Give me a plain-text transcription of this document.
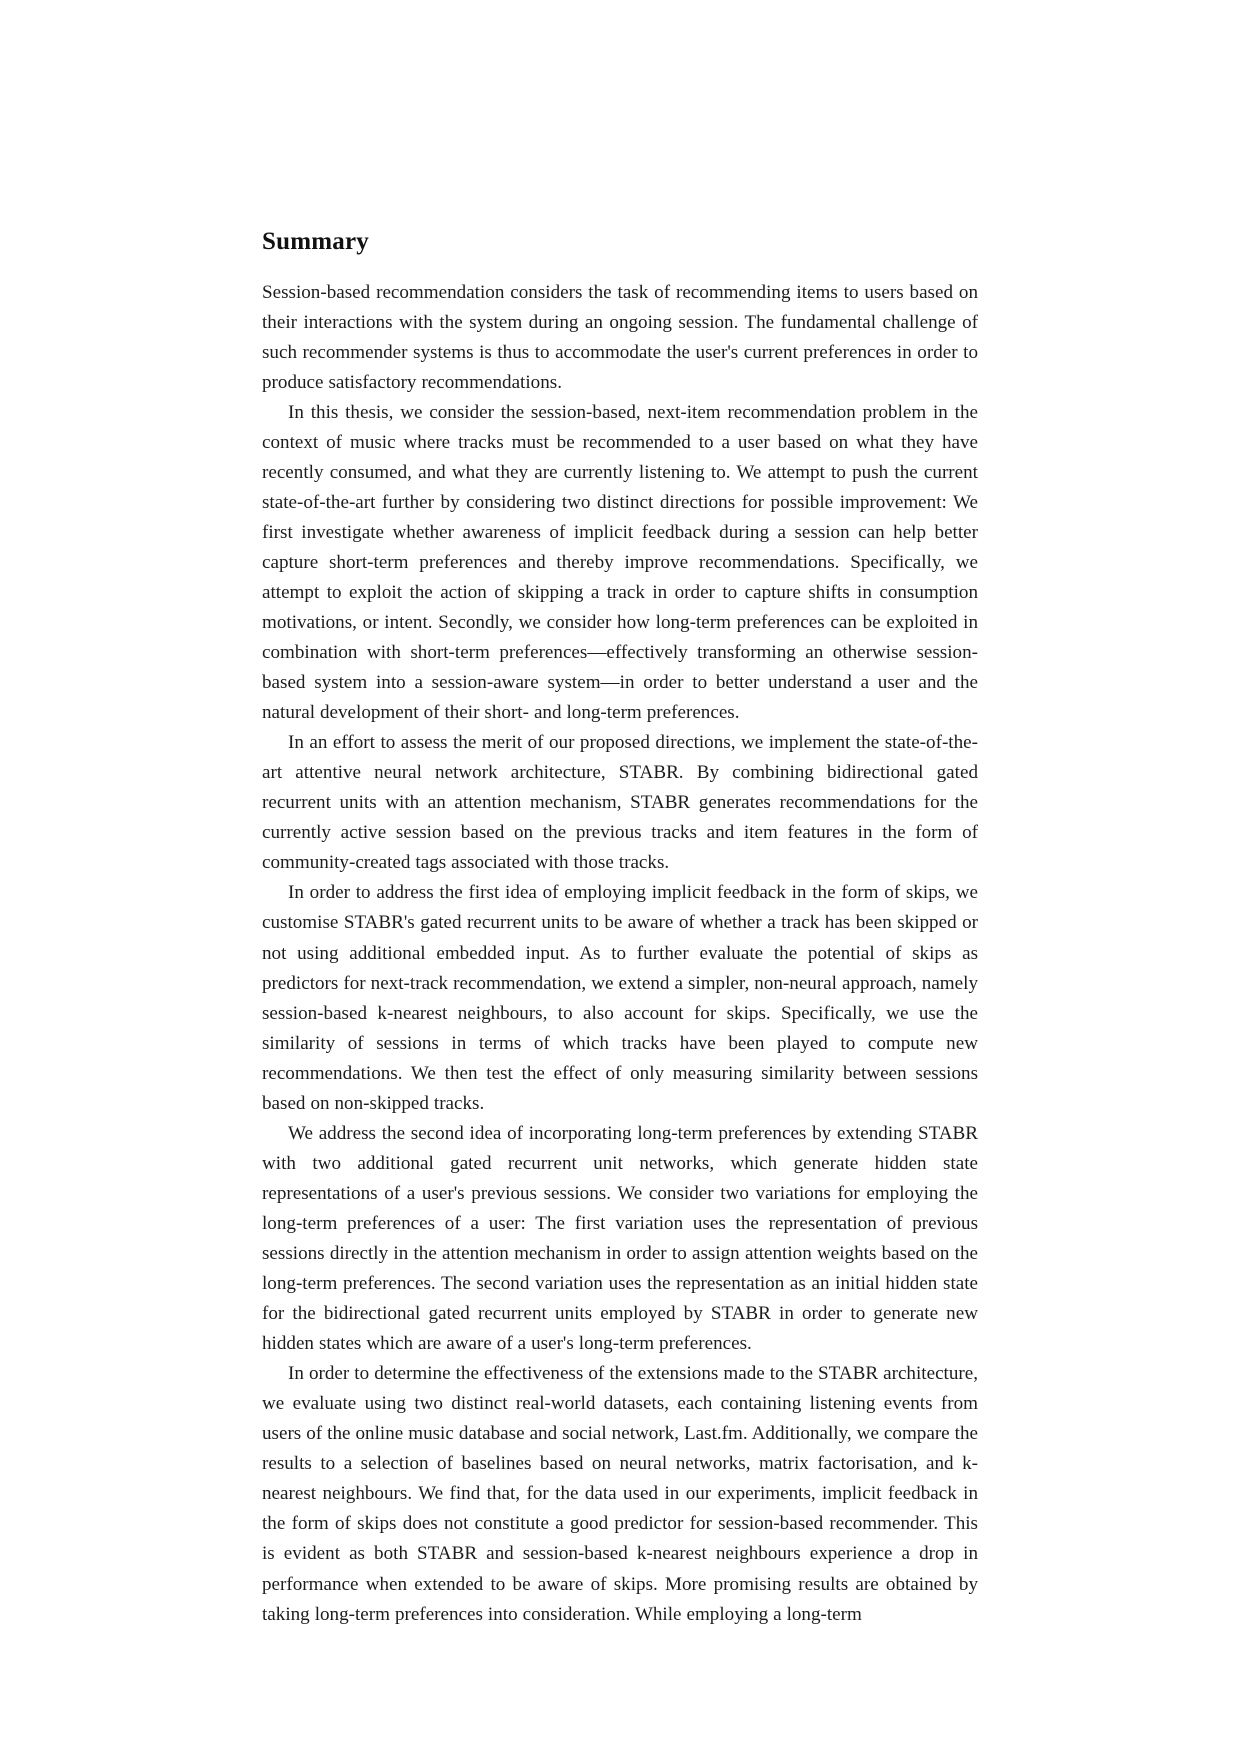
Summary

Session-based recommendation considers the task of recommending items to users based on their interactions with the system during an ongoing session. The fundamental challenge of such recommender systems is thus to accommodate the user's current preferences in order to produce satisfactory recommendations.

In this thesis, we consider the session-based, next-item recommendation problem in the context of music where tracks must be recommended to a user based on what they have recently consumed, and what they are currently listening to. We attempt to push the current state-of-the-art further by considering two distinct directions for possible improvement: We first investigate whether awareness of implicit feedback during a session can help better capture short-term preferences and thereby improve recommendations. Specifically, we attempt to exploit the action of skipping a track in order to capture shifts in consumption motivations, or intent. Secondly, we consider how long-term preferences can be exploited in combination with short-term preferences—effectively transforming an otherwise session-based system into a session-aware system—in order to better understand a user and the natural development of their short- and long-term preferences.

In an effort to assess the merit of our proposed directions, we implement the state-of-the-art attentive neural network architecture, STABR. By combining bidirectional gated recurrent units with an attention mechanism, STABR generates recommendations for the currently active session based on the previous tracks and item features in the form of community-created tags associated with those tracks.

In order to address the first idea of employing implicit feedback in the form of skips, we customise STABR's gated recurrent units to be aware of whether a track has been skipped or not using additional embedded input. As to further evaluate the potential of skips as predictors for next-track recommendation, we extend a simpler, non-neural approach, namely session-based k-nearest neighbours, to also account for skips. Specifically, we use the similarity of sessions in terms of which tracks have been played to compute new recommendations. We then test the effect of only measuring similarity between sessions based on non-skipped tracks.

We address the second idea of incorporating long-term preferences by extending STABR with two additional gated recurrent unit networks, which generate hidden state representations of a user's previous sessions. We consider two variations for employing the long-term preferences of a user: The first variation uses the representation of previous sessions directly in the attention mechanism in order to assign attention weights based on the long-term preferences. The second variation uses the representation as an initial hidden state for the bidirectional gated recurrent units employed by STABR in order to generate new hidden states which are aware of a user's long-term preferences.

In order to determine the effectiveness of the extensions made to the STABR architecture, we evaluate using two distinct real-world datasets, each containing listening events from users of the online music database and social network, Last.fm. Additionally, we compare the results to a selection of baselines based on neural networks, matrix factorisation, and k-nearest neighbours. We find that, for the data used in our experiments, implicit feedback in the form of skips does not constitute a good predictor for session-based recommender. This is evident as both STABR and session-based k-nearest neighbours experience a drop in performance when extended to be aware of skips. More promising results are obtained by taking long-term preferences into consideration. While employing a long-term
